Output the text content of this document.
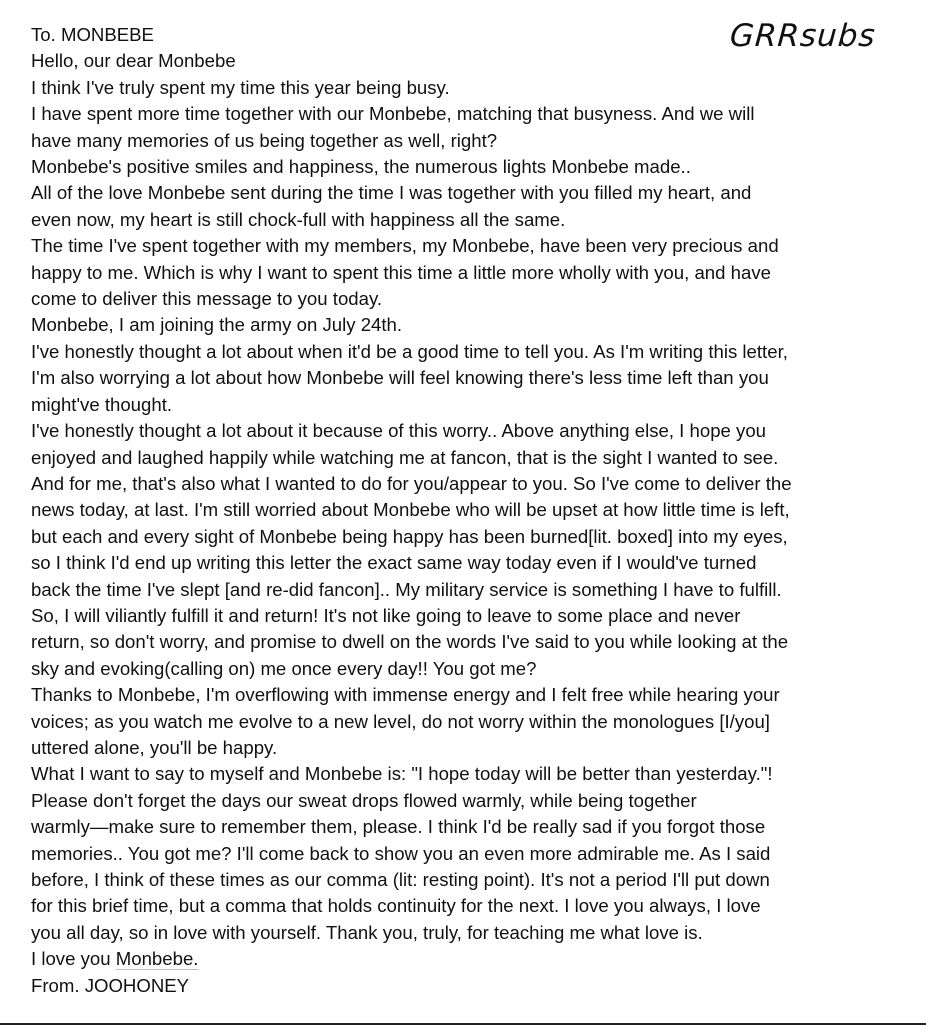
GRRsubs
To. MONBEBE
Hello, our dear Monbebe
I think I've truly spent my time this year being busy.
I have spent more time together with our Monbebe, matching that busyness. And we will
have many memories of us being together as well, right?
Monbebe's positive smiles and happiness, the numerous lights Monbebe made..
All of the love Monbebe sent during the time I was together with you filled my heart, and
even now, my heart is still chock-full with happiness all the same.
The time I've spent together with my members, my Monbebe, have been very precious and
happy to me. Which is why I want to spent this time a little more wholly with you, and have
come to deliver this message to you today.
Monbebe, I am joining the army on July 24th.
I've honestly thought a lot about when it'd be a good time to tell you. As I'm writing this letter,
I'm also worrying a lot about how Monbebe will feel knowing there's less time left than you
might've thought.
I've honestly thought a lot about it because of this worry.. Above anything else, I hope you
enjoyed and laughed happily while watching me at fancon, that is the sight I wanted to see.
And for me, that's also what I wanted to do for you/appear to you. So I've come to deliver the
news today, at last. I'm still worried about Monbebe who will be upset at how little time is left,
but each and every sight of Monbebe being happy has been burned[lit. boxed] into my eyes,
so I think I'd end up writing this letter the exact same way today even if I would've turned
back the time I've slept [and re-did fancon].. My military service is something I have to fulfill.
So, I will viliantly fulfill it and return! It's not like going to leave to some place and never
return, so don't worry, and promise to dwell on the words I've said to you while looking at the
sky and evoking(calling on) me once every day!! You got me?
Thanks to Monbebe, I'm overflowing with immense energy and I felt free while hearing your
voices; as you watch me evolve to a new level, do not worry within the monologues [I/you]
uttered alone, you'll be happy.
What I want to say to myself and Monbebe is: "I hope today will be better than yesterday."!
Please don't forget the days our sweat drops flowed warmly, while being together
warmly—make sure to remember them, please. I think I'd be really sad if you forgot those
memories.. You got me? I'll come back to show you an even more admirable me. As I said
before, I think of these times as our comma (lit: resting point). It's not a period I'll put down
for this brief time, but a comma that holds continuity for the next. I love you always, I love
you all day, so in love with yourself. Thank you, truly, for teaching me what love is.
I love you Monbebe.
From. JOOHONEY
